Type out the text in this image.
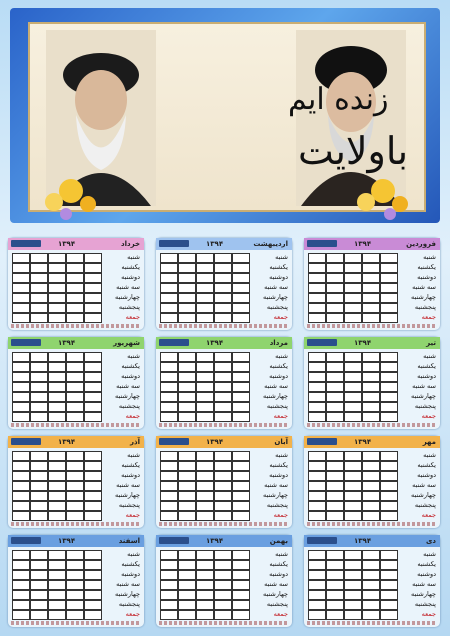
زنده ایم
باولایت
۱۳۹۴	فروردین
شنبه
یکشنبه
دوشنبه
سه شنبه
چهارشنبه
پنجشنبه
جمعه
۱۳۹۴	اردیبهشت
شنبه
یکشنبه
دوشنبه
سه شنبه
چهارشنبه
پنجشنبه
جمعه
۱۳۹۴	خرداد
شنبه
یکشنبه
دوشنبه
سه شنبه
چهارشنبه
پنجشنبه
جمعه
۱۳۹۴	تیر
شنبه
یکشنبه
دوشنبه
سه شنبه
چهارشنبه
پنجشنبه
جمعه
۱۳۹۴	مرداد
شنبه
یکشنبه
دوشنبه
سه شنبه
چهارشنبه
پنجشنبه
جمعه
۱۳۹۴	شهریور
شنبه
یکشنبه
دوشنبه
سه شنبه
چهارشنبه
پنجشنبه
جمعه
۱۳۹۴	مهر
شنبه
یکشنبه
دوشنبه
سه شنبه
چهارشنبه
پنجشنبه
جمعه
۱۳۹۴	آبان
شنبه
یکشنبه
دوشنبه
سه شنبه
چهارشنبه
پنجشنبه
جمعه
۱۳۹۴	آذر
شنبه
یکشنبه
دوشنبه
سه شنبه
چهارشنبه
پنجشنبه
جمعه
۱۳۹۴	دی
شنبه
یکشنبه
دوشنبه
سه شنبه
چهارشنبه
پنجشنبه
جمعه
۱۳۹۴	بهمن
شنبه
یکشنبه
دوشنبه
سه شنبه
چهارشنبه
پنجشنبه
جمعه
۱۳۹۴	اسفند
شنبه
یکشنبه
دوشنبه
سه شنبه
چهارشنبه
پنجشنبه
جمعه
